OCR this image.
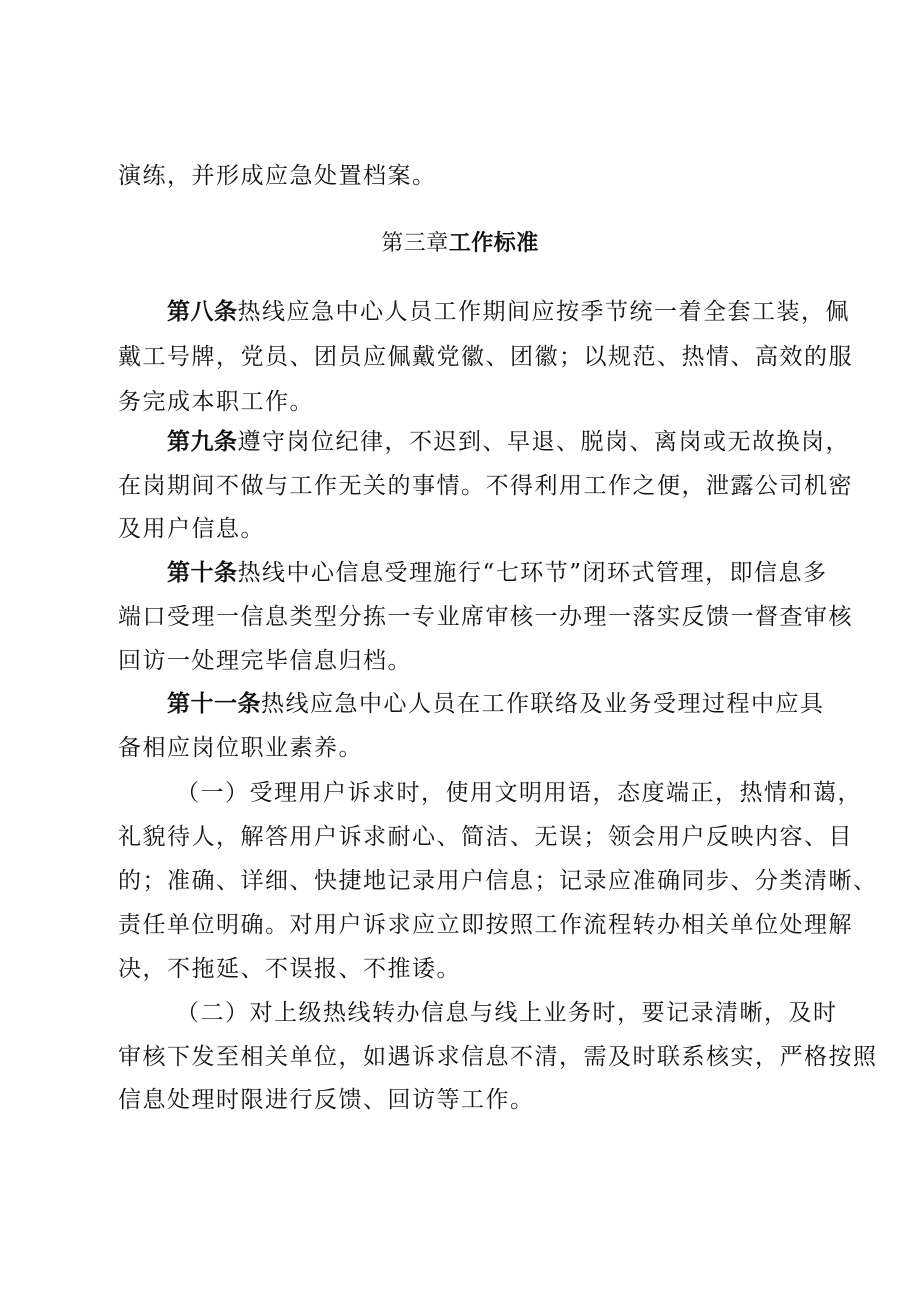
演练，并形成应急处置档案。
第三章工作标准
第八条热线应急中心人员工作期间应按季节统一着全套工装，佩
戴工号牌，党员、团员应佩戴党徽、团徽；以规范、热情、高效的服
务完成本职工作。
第九条遵守岗位纪律，不迟到、早退、脱岗、离岗或无故换岗，
在岗期间不做与工作无关的事情。不得利用工作之便，泄露公司机密
及用户信息。
第十条热线中心信息受理施行“七环节”闭环式管理，即信息多
端口受理一信息类型分拣一专业席审核一办理一落实反馈一督查审核
回访一处理完毕信息归档。
第十一条热线应急中心人员在工作联络及业务受理过程中应具
备相应岗位职业素养。
（一）受理用户诉求时，使用文明用语，态度端正，热情和蔼，
礼貌待人，解答用户诉求耐心、简洁、无误；领会用户反映内容、目
的；准确、详细、快捷地记录用户信息；记录应准确同步、分类清晰、
责任单位明确。对用户诉求应立即按照工作流程转办相关单位处理解
决，不拖延、不误报、不推诿。
（二）对上级热线转办信息与线上业务时，要记录清晰，及时
审核下发至相关单位，如遇诉求信息不清，需及时联系核实，严格按照
信息处理时限进行反馈、回访等工作。
